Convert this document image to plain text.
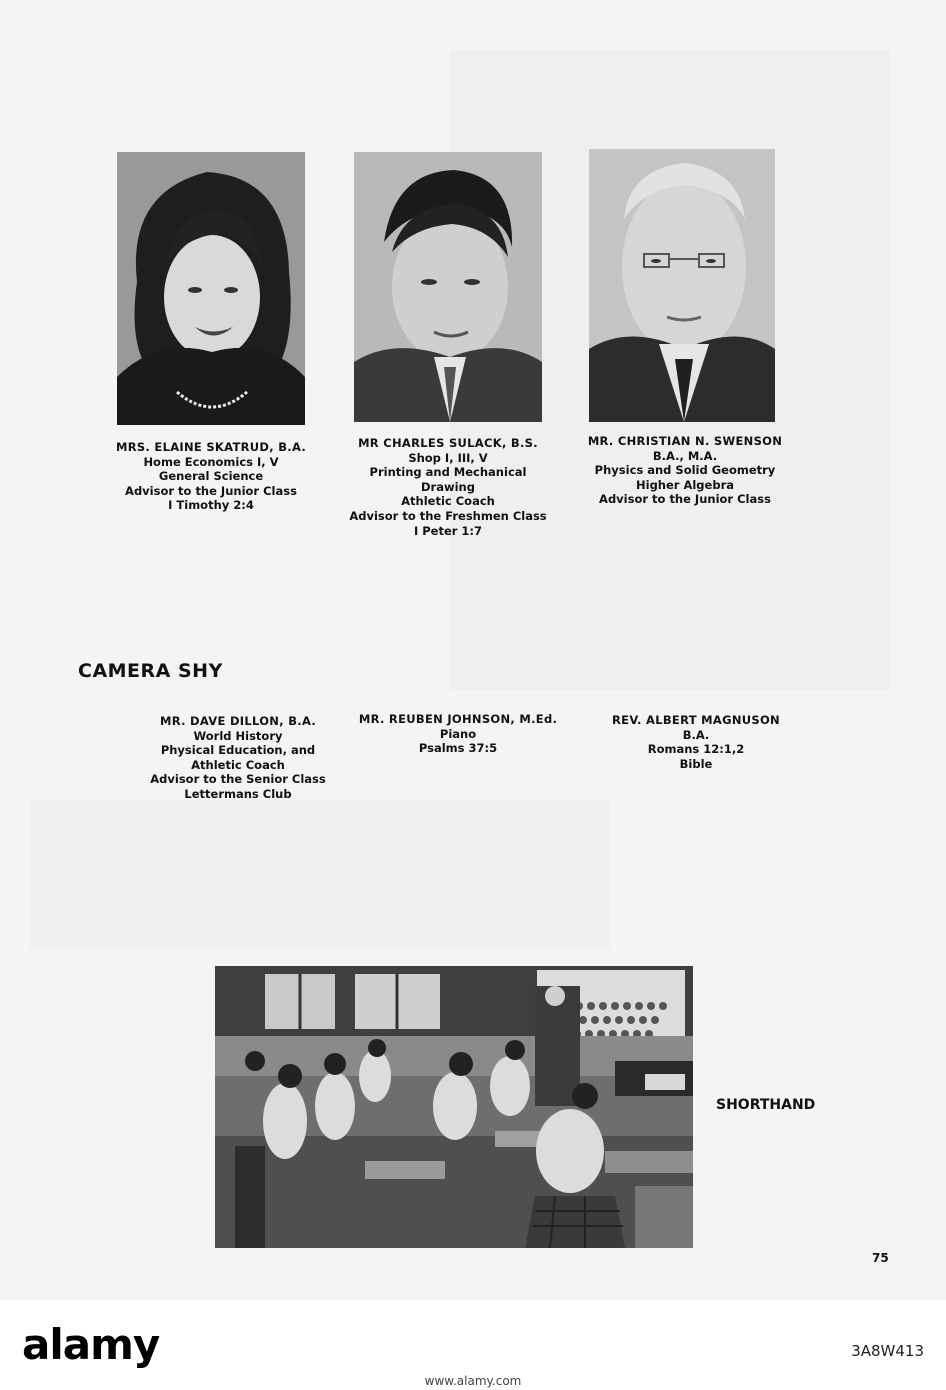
MRS. ELAINE SKATRUD, B.A.
Home Economics I, V
General Science
Advisor to the Junior Class
I Timothy 2:4
MR CHARLES SULACK, B.S.
Shop I, III, V
Printing and Mechanical
Drawing
Athletic Coach
Advisor to the Freshmen Class
I Peter 1:7
MR. CHRISTIAN N. SWENSON
B.A., M.A.
Physics and Solid Geometry
Higher Algebra
Advisor to the Junior Class
CAMERA SHY
MR. DAVE DILLON, B.A.
World History
Physical Education, and
Athletic Coach
Advisor to the Senior Class
Lettermans Club
MR. REUBEN JOHNSON, M.Ed.
Piano
Psalms 37:5
REV. ALBERT MAGNUSON
B.A.
Romans 12:1,2
Bible
SHORTHAND
75
alamy	3A8W413
www.alamy.com
